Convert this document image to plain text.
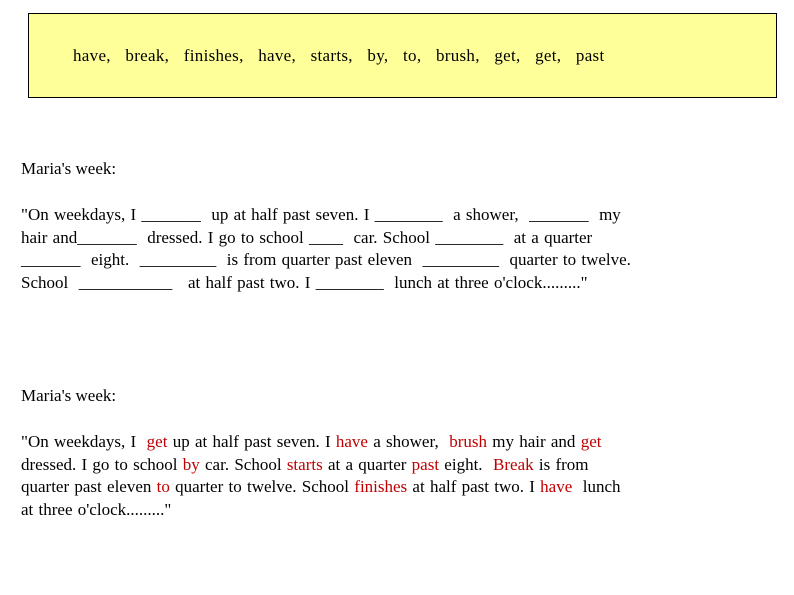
have, break, finishes, have, starts, by, to, brush, get, get, past
Maria's week:
"On weekdays, I _______  up at half past seven. I ________  a shower,  _______  my
hair and_______  dressed. I go to school ____  car. School ________  at a quarter
_______  eight.  _________  is from quarter past eleven  _________  quarter to twelve.
School  ___________   at half past two. I ________  lunch at three o'clock........."
Maria's week:
"On weekdays, I  get up at half past seven. I have a shower,  brush my hair and get
dressed. I go to school by car. School starts at a quarter past eight.  Break is from
quarter past eleven to quarter to twelve. School finishes at half past two. I have  lunch
at three o'clock........."
